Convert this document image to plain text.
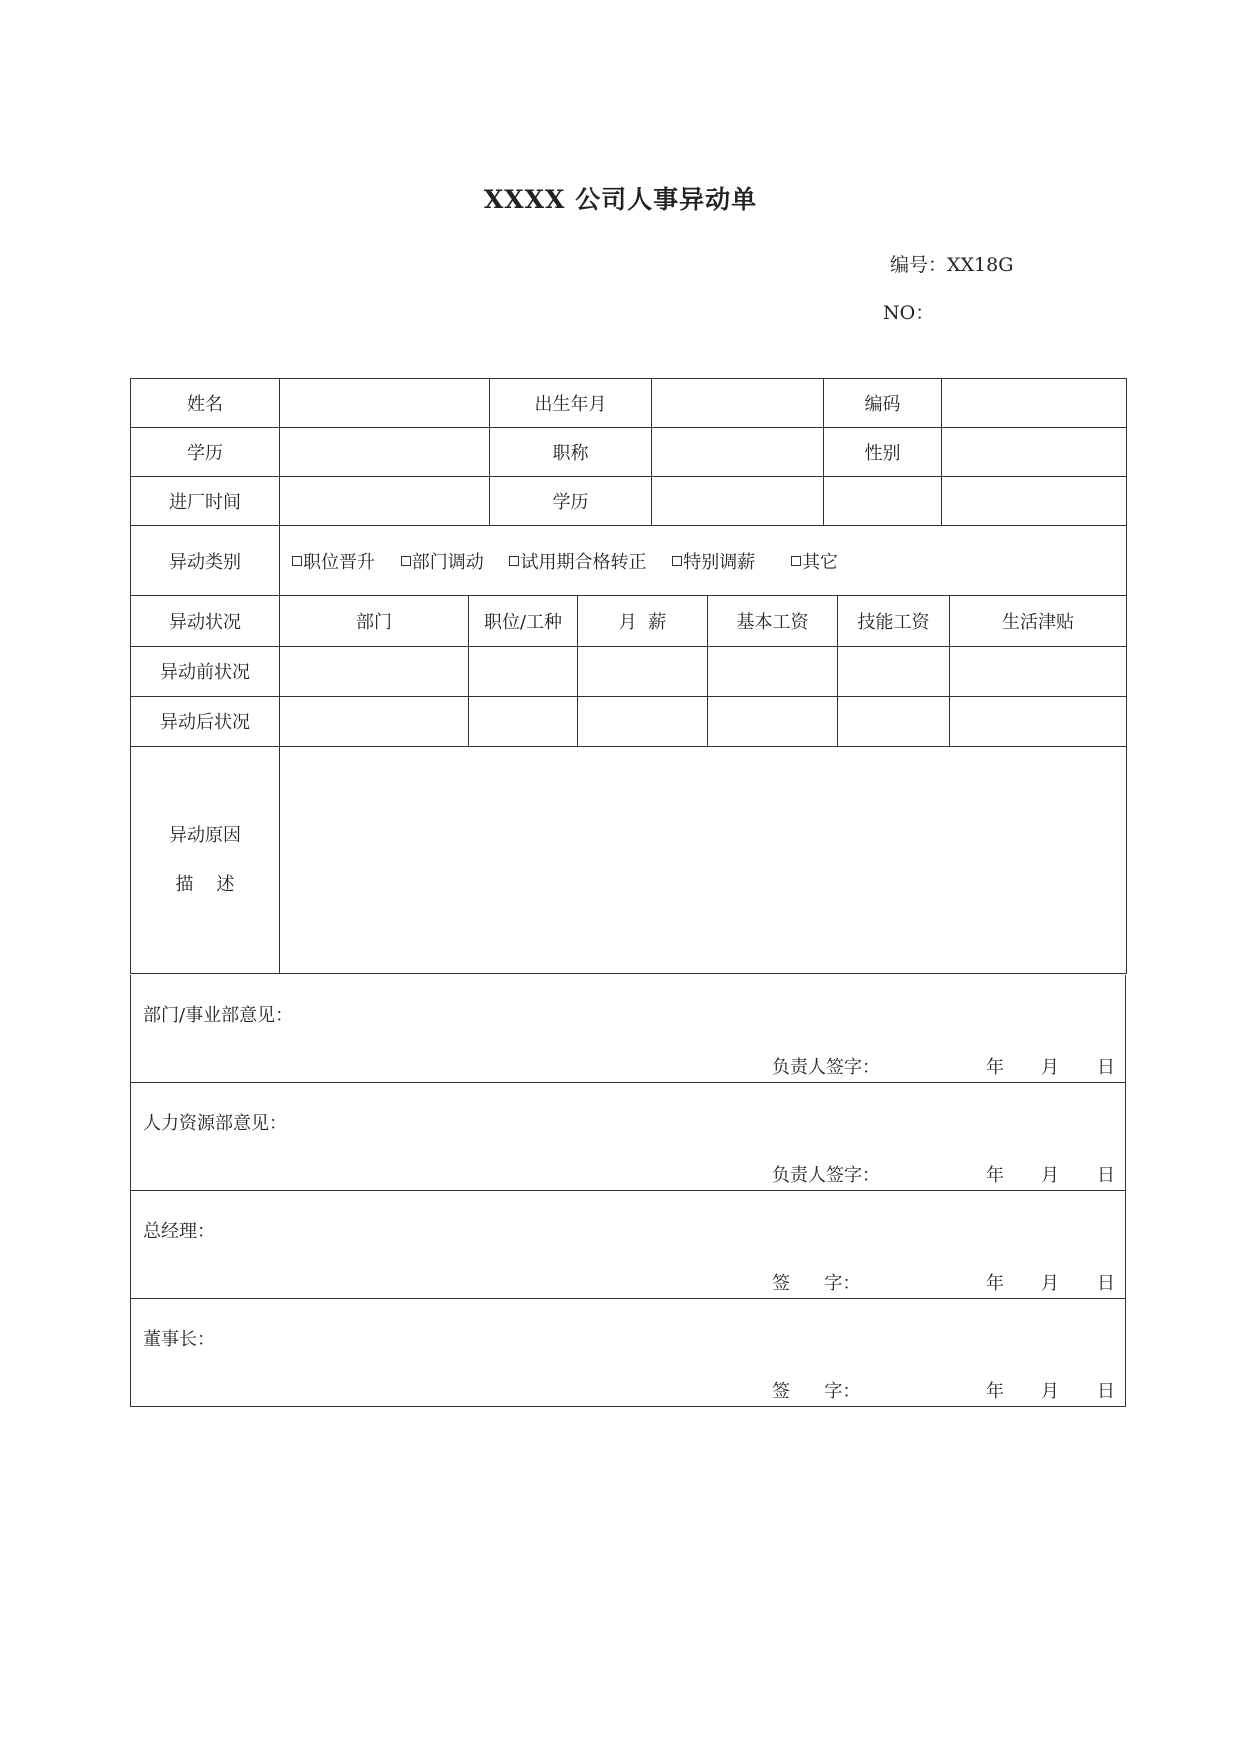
XXXX 公司人事异动单
编号：XX18G
NO：
姓名		出生年月		编码	
学历		职称		性别	
进厂时间		学历			
异动类别	职位晋升 部门调动 试用期合格转正 特别调薪 其它				
异动状况	部门	职位/工种	月  薪	基本工资	技能工资	生活津贴
异动前状况						
异动后状况						

异动原因
描    述						

部门/事业部意见：
负责人签字：	年 月 日
人力资源部意见：
负责人签字：	年 月 日
总经理：
签      字：	年 月 日
董事长：
签      字：	年 月 日
